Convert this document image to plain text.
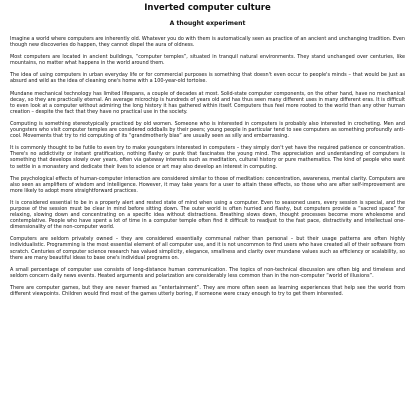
Inverted computer culture
A thought experiment

Imagine a world where computers are inherently old. Whatever you do with them is automatically seen as practice of an ancient and unchanging tradition. Even though new discoveries do happen, they cannot dispel the aura of oldness.

Most computers are located in ancient buildings, “computer temples”, situated in tranquil natural environments. They stand unchanged over centuries, like mountains, no matter what happens in the world around them.

The idea of using computers in urban everyday life or for commercial purposes is something that doesn't even occur to people's minds – that would be just as absurd and wild as the idea of cleaning one's home with a 100-year-old tortoise.

Mundane mechanical technology has limited lifespans, a couple of decades at most. Solid-state computer components, on the other hand, have no mechanical decay, so they are practically eternal. An average microchip is hundreds of years old and has thus seen many different uses in many different eras. It is difficult to even look at a computer without admiring the long history it has gathered within itself. Computers thus feel more rooted to the world than any other human creation – despite the fact that they have no practical use in the society.

Computing is something stereotypically practiced by old women. Someone who is interested in computers is probably also interested in crocheting. Men and youngsters who visit computer temples are considered oddballs by their peers; young people in particular tend to see computers as something profoundly anti-cool. Movements that try to rid computing of its “grandmotherly bias” are usually seen as silly and embarrassing.

It is commonly thought to be futile to even try to make youngsters interested in computers – they simply don't yet have the required patience or concentration. There's no addictivity or instant gratification, nothing flashy or punk that fascinates the young mind. The appreciation and understanding of computers is something that develops slowly over years, often via gateway interests such as meditation, cultural history or pure mathematics. The kind of people who want to settle in a monastery and dedicate their lives to science or art may also develop an interest in computing.

The psychological effects of human-computer interaction are considered similar to those of meditation: concentration, awareness, mental clarity. Computers are also seen as amplifiers of wisdom and intelligence. However, it may take years for a user to attain these effects, so those who are after self-improvement are more likely to adopt more straightforward practices.

It is considered essential to be in a properly alert and rested state of mind when using a computer. Even to seasoned users, every session is special, and the purpose of the session must be clear in mind before sitting down. The outer world is often hurried and flashy, but computers provide a “sacred space” for relaxing, slowing down and concentrating on a specific idea without distractions. Breathing slows down, thought processes become more wholesome and contemplative. People who have spent a lot of time in a computer temple often find it difficult to readjust to the fast pace, distractivity and intellectual one-dimensionality of the non-computer world.

Computers are seldom privately owned – they are considered essentially communal rather than personal – but their usage patterns are often highly individualistic. Programming is the most essential element of all computer use, and it is not uncommon to find users who have created all of their software from scratch. Centuries of computer science research has valued simplicity, elegance, smallness and clarity over mundane values such as efficiency or scalability, so there are many beautiful ideas to base one's individual programs on.

A small percentage of computer use consists of long-distance human communication. The topics of non-technical discussion are often big and timeless and seldom concern daily news events. Heated arguments and polarization are considerably less common than in the non-computer “world of illusions”.

There are computer games, but they are never framed as “entertainment”. They are more often seen as learning experiences that help see the world from different viewpoints. Children would find most of the games utterly boring, if someone were crazy enough to try to get them interested.
